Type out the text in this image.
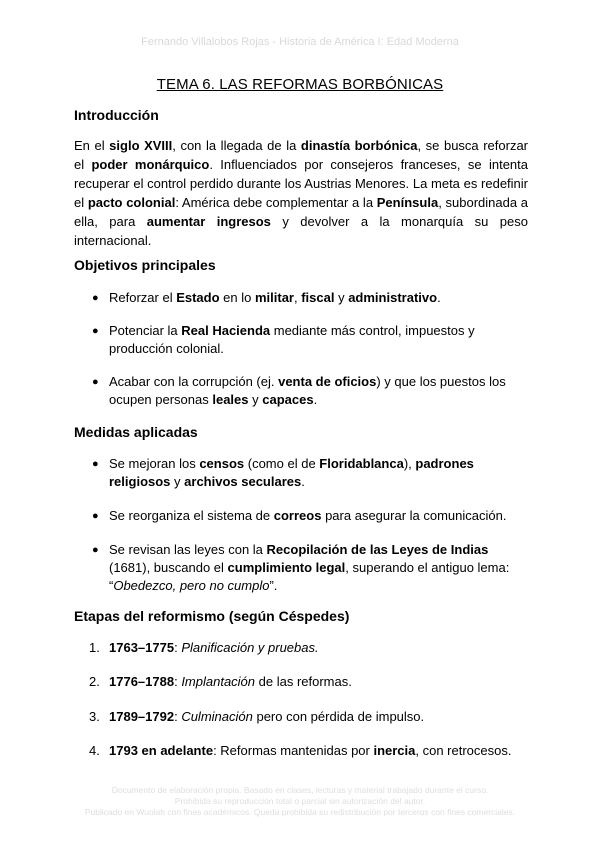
Fernando Villalobos Rojas - Historia de América I: Edad Moderna
TEMA 6. LAS REFORMAS BORBÓNICAS
Introducción
En el siglo XVIII, con la llegada de la dinastía borbónica, se busca reforzar el poder monárquico. Influenciados por consejeros franceses, se intenta recuperar el control perdido durante los Austrias Menores. La meta es redefinir el pacto colonial: América debe complementar a la Península, subordinada a ella, para aumentar ingresos y devolver a la monarquía su peso internacional.
Objetivos principales
● Reforzar el Estado en lo militar, fiscal y administrativo.
● Potenciar la Real Hacienda mediante más control, impuestos y producción colonial.
● Acabar con la corrupción (ej. venta de oficios) y que los puestos los ocupen personas leales y capaces.
Medidas aplicadas
● Se mejoran los censos (como el de Floridablanca), padrones religiosos y archivos seculares.
● Se reorganiza el sistema de correos para asegurar la comunicación.
● Se revisan las leyes con la Recopilación de las Leyes de Indias (1681), buscando el cumplimiento legal, superando el antiguo lema: “Obedezco, pero no cumplo”.
Etapas del reformismo (según Céspedes)
1. 1763–1775: Planificación y pruebas.
2. 1776–1788: Implantación de las reformas.
3. 1789–1792: Culminación pero con pérdida de impulso.
4. 1793 en adelante: Reformas mantenidas por inercia, con retrocesos.
Documento de elaboración propia. Basado en clases, lecturas y material trabajado durante el curso.
Prohibida su reproducción total o parcial sin autorización del autor.
Publicado en Wuolah con fines académicos. Queda prohibida su redistribución por terceros con fines comerciales.
